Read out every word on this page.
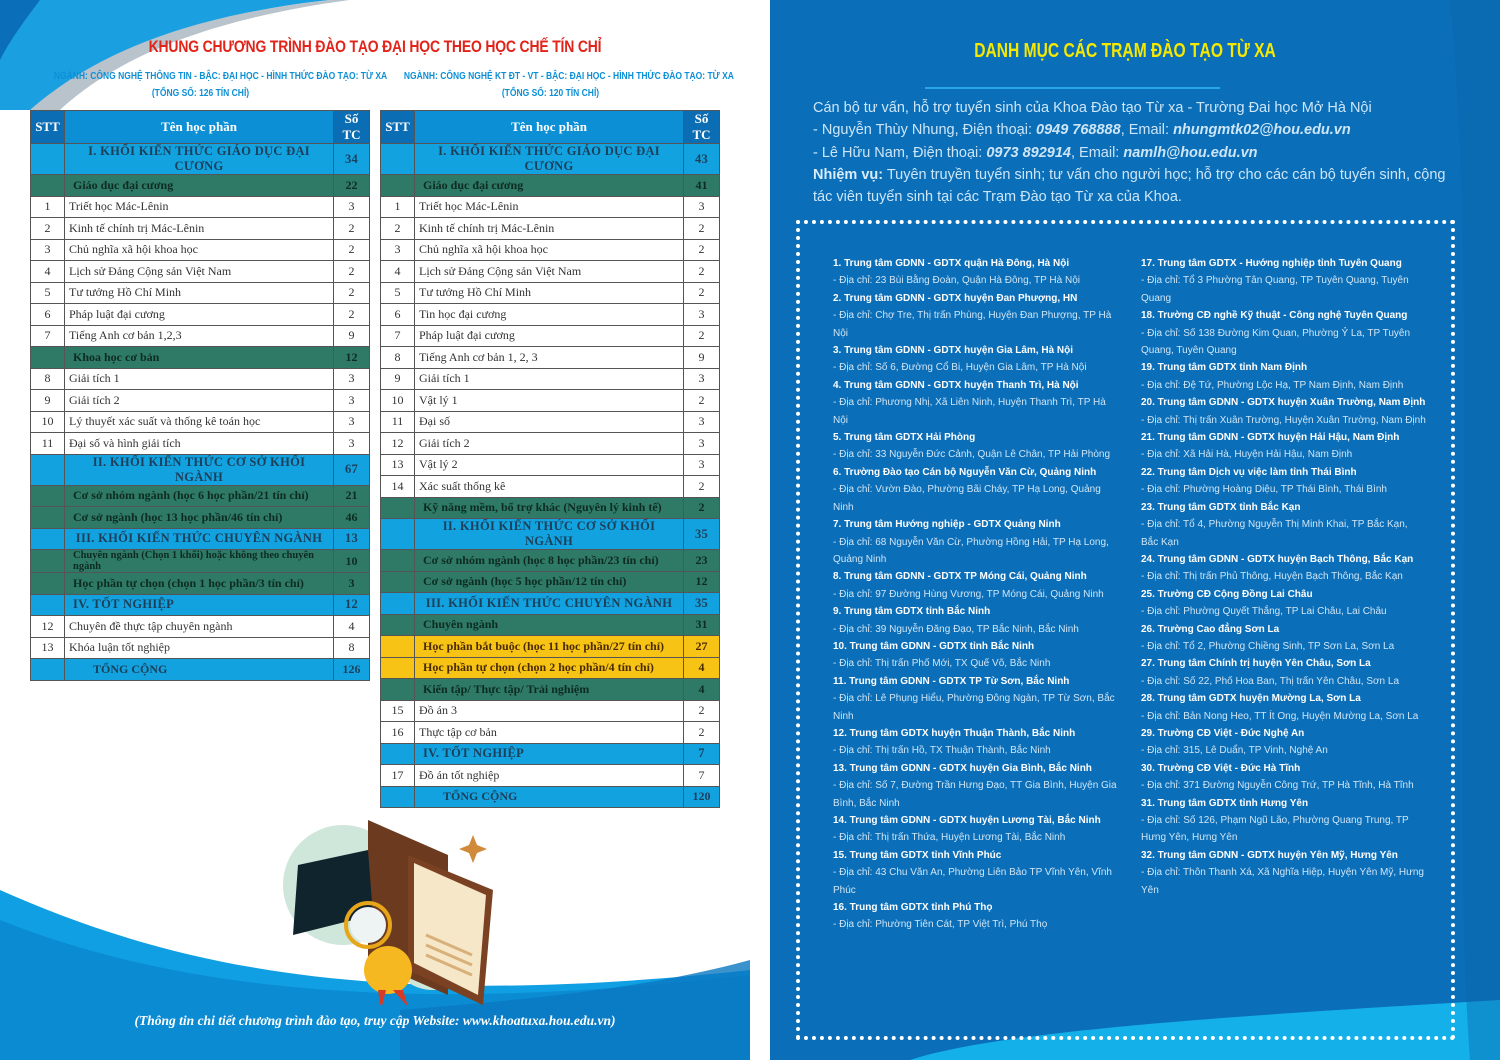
KHUNG CHƯƠNG TRÌNH ĐÀO TẠO ĐẠI HỌC THEO HỌC CHẾ TÍN CHỈ
NGÀNH: CÔNG NGHỆ THÔNG TIN - BẬC: ĐẠI HỌC - HÌNH THỨC ĐÀO TẠO: TỪ XA
(TỔNG SỐ: 126 TÍN CHỈ)
NGÀNH: CÔNG NGHỆ KT ĐT - VT - BẬC: ĐẠI HỌC - HÌNH THỨC ĐÀO TẠO: TỪ XA
(TỔNG SỐ: 120 TÍN CHỈ)
STT	Tên học phần	Số TC
	I. KHỐI KIẾN THỨC GIÁO DỤC ĐẠI CƯƠNG	34
	Giáo dục đại cương	22
1	Triết học Mác-Lênin	3
2	Kinh tế chính trị Mác-Lênin	2
3	Chủ nghĩa xã hội khoa học	2
4	Lịch sử Đảng Cộng sản Việt Nam	2
5	Tư tưởng Hồ Chí Minh	2
6	Pháp luật đại cương	2
7	Tiếng Anh cơ bản 1,2,3	9
	Khoa học cơ bản	12
8	Giải tích 1	3
9	Giải tích 2	3
10	Lý thuyết xác suất và thống kê toán học	3
11	Đại số và hình giải tích	3
	II. KHỐI KIẾN THỨC CƠ SỞ KHỐI NGÀNH	67
	Cơ sở nhóm ngành (học 6 học phần/21 tín chỉ)	21
	Cơ sở ngành (học 13 học phần/46 tín chỉ)	46
	III. KHỐI KIẾN THỨC CHUYÊN NGÀNH	13
	Chuyên ngành (Chọn 1 khối) hoặc không theo chuyên ngành	10
	Học phần tự chọn (chọn 1 học phần/3 tín chỉ)	3
	IV. TỐT NGHIỆP	12
12	Chuyên đề thực tập chuyên ngành	4
13	Khóa luận tốt nghiệp	8
	TỔNG CỘNG	126
STT	Tên học phần	Số TC
	I. KHỐI KIẾN THỨC GIÁO DỤC ĐẠI CƯƠNG	43
	Giáo dục đại cương	41
1	Triết học Mác-Lênin	3
2	Kinh tế chính trị Mác-Lênin	2
3	Chủ nghĩa xã hội khoa học	2
4	Lịch sử Đảng Cộng sản Việt Nam	2
5	Tư tưởng Hồ Chí Minh	2
6	Tin học đại cương	3
7	Pháp luật đại cương	2
8	Tiếng Anh cơ bản 1, 2, 3	9
9	Giải tích 1	3
10	Vật lý 1	2
11	Đại số	3
12	Giải tích 2	3
13	Vật lý 2	3
14	Xác suất thống kê	2
	Kỹ năng mềm, bổ trợ khác (Nguyên lý kinh tế)	2
	II. KHỐI KIẾN THỨC CƠ SỞ KHỐI NGÀNH	35
	Cơ sở nhóm ngành (học 8 học phần/23 tín chỉ)	23
	Cơ sở ngành (học 5 học phần/12 tín chỉ)	12
	III. KHỐI KIẾN THỨC CHUYÊN NGÀNH	35
	Chuyên ngành	31
	Học phần bắt buộc (học 11 học phần/27 tín chỉ)	27
	Học phần tự chọn (chọn 2 học phần/4 tín chỉ)	4
	Kiến tập/ Thực tập/ Trải nghiệm	4
15	Đồ án 3	2
16	Thực tập cơ bản	2
	IV. TỐT NGHIỆP	7
17	Đồ án tốt nghiệp	7
	TỔNG CỘNG	120
(Thông tin chi tiết chương trình đào tạo, truy cập Website: www.khoatuxa.hou.edu.vn)
DANH MỤC CÁC TRẠM ĐÀO TẠO TỪ XA
Cán bộ tư vấn, hỗ trợ tuyển sinh của Khoa Đào tạo Từ xa - Trường Đai học Mở Hà Nội
- Nguyễn Thùy Nhung, Điện thoại: 0949 768888, Email: nhungmtk02@hou.edu.vn
- Lê Hữu Nam, Điện thoại: 0973 892914, Email: namlh@hou.edu.vn
Nhiệm vụ: Tuyên truyền tuyển sinh; tư vấn cho người học; hỗ trợ cho các cán bộ tuyển sinh, cộng tác viên tuyển sinh tại các Trạm Đào tạo Từ xa của Khoa.
1. Trung tâm GDNN - GDTX quận Hà Đông, Hà Nội
- Địa chỉ: 23 Bùi Bằng Đoàn, Quận Hà Đông, TP Hà Nội
2. Trung tâm GDNN - GDTX huyện Đan Phượng, HN
- Địa chỉ: Chợ Tre, Thị trấn Phùng, Huyện Đan Phượng, TP Hà Nội
3. Trung tâm GDNN - GDTX huyện Gia Lâm, Hà Nội
- Địa chỉ: Số 6, Đường Cổ Bi, Huyện Gia Lâm, TP Hà Nội
4. Trung tâm GDNN - GDTX huyện Thanh Trì, Hà Nội
- Địa chỉ: Phương Nhị, Xã Liên Ninh, Huyện Thanh Trì, TP Hà Nội
5. Trung tâm GDTX Hải Phòng
- Địa chỉ: 33 Nguyễn Đức Cảnh, Quận Lê Chân, TP Hải Phòng
6. Trường Đào tạo Cán bộ Nguyễn Văn Cừ, Quảng Ninh
- Địa chỉ: Vườn Đào, Phường Bãi Cháy, TP Hạ Long, Quảng Ninh
7. Trung tâm Hướng nghiệp - GDTX Quảng Ninh
- Địa chỉ: 68 Nguyễn Văn Cừ, Phường Hồng Hải, TP Hạ Long, Quảng Ninh
8. Trung tâm GDNN - GDTX TP Móng Cái, Quảng Ninh
- Địa chỉ: 97 Đường Hùng Vương, TP Móng Cái, Quảng Ninh
9. Trung tâm GDTX tỉnh Bắc Ninh
- Địa chỉ: 39 Nguyễn Đăng Đạo, TP Bắc Ninh, Bắc Ninh
10. Trung tâm GDNN - GDTX tỉnh Bắc Ninh
- Địa chỉ: Thị trấn Phố Mới, TX Quế Võ, Bắc Ninh
11. Trung tâm GDNN - GDTX TP Từ Sơn, Bắc Ninh
- Địa chỉ: Lê Phụng Hiểu, Phường Đông Ngàn, TP Từ Sơn, Bắc Ninh
12. Trung tâm GDTX huyện Thuận Thành, Bắc Ninh
- Địa chỉ: Thị trấn Hồ, TX Thuận Thành, Bắc Ninh
13. Trung tâm GDNN - GDTX huyện Gia Bình, Bắc Ninh
- Địa chỉ: Số 7, Đường Trần Hưng Đạo, TT Gia Bình, Huyện Gia Bình, Bắc Ninh
14. Trung tâm GDNN - GDTX huyện Lương Tài, Bắc Ninh
- Địa chỉ: Thị trấn Thứa, Huyện Lương Tài, Bắc Ninh
15. Trung tâm GDTX tỉnh Vĩnh Phúc
- Địa chỉ: 43 Chu Văn An, Phường Liên Bảo TP Vĩnh Yên, Vĩnh Phúc
16. Trung tâm GDTX tỉnh Phú Thọ
- Địa chỉ: Phường Tiên Cát, TP Việt Trì, Phú Thọ
17. Trung tâm GDTX - Hướng nghiệp tỉnh Tuyên Quang
- Địa chỉ: Tổ 3 Phường Tân Quang, TP Tuyên Quang, Tuyên Quang
18. Trường CĐ nghề Kỹ thuật - Công nghệ Tuyên Quang
- Địa chỉ: Số 138 Đường Kim Quan, Phường Ỷ La, TP Tuyên Quang, Tuyên Quang
19. Trung tâm GDTX tỉnh Nam Định
- Địa chỉ: Đệ Tứ, Phường Lộc Hạ, TP Nam Định, Nam Định
20. Trung tâm GDNN - GDTX huyện Xuân Trường, Nam Định
- Địa chỉ: Thị trấn Xuân Trường, Huyện Xuân Trường, Nam Định
21. Trung tâm GDNN - GDTX huyện Hải Hậu, Nam Định
- Địa chỉ: Xã Hải Hà, Huyện Hải Hậu, Nam Định
22. Trung tâm Dịch vụ việc làm tỉnh Thái Bình
- Địa chỉ: Phường Hoàng Diệu, TP Thái Bình, Thái Bình
23. Trung tâm GDTX tỉnh Bắc Kạn
- Địa chỉ: Tổ 4, Phường Nguyễn Thị Minh Khai, TP Bắc Kạn, Bắc Kạn
24. Trung tâm GDNN - GDTX huyện Bạch Thông, Bắc Kạn
- Địa chỉ: Thị trấn Phủ Thông, Huyện Bạch Thông, Bắc Kạn
25. Trường CĐ Cộng Đồng Lai Châu
- Địa chỉ: Phường Quyết Thắng, TP Lai Châu, Lai Châu
26. Trường Cao đẳng Sơn La
- Địa chỉ: Tổ 2, Phường Chiềng Sinh, TP Sơn La, Sơn La
27. Trung tâm Chính trị huyện Yên Châu, Sơn La
- Địa chỉ: Số 22, Phố Hoa Ban, Thị trấn Yên Châu, Sơn La
28. Trung tâm GDTX huyện Mường La, Sơn La
- Địa chỉ: Bản Nong Heo, TT Ít Ong, Huyện Mường La, Sơn La
29. Trường CĐ Việt - Đức Nghệ An
- Địa chỉ: 315, Lê Duẩn, TP Vinh, Nghệ An
30. Trường CĐ Việt - Đức Hà Tĩnh
- Địa chỉ: 371 Đường Nguyễn Công Trứ, TP Hà Tĩnh, Hà Tĩnh
31. Trung tâm GDTX tỉnh Hưng Yên
- Địa chỉ: Số 126, Phạm Ngũ Lão, Phường Quang Trung, TP Hưng Yên, Hưng Yên
32. Trung tâm GDNN - GDTX huyện Yên Mỹ, Hưng Yên
- Địa chỉ: Thôn Thanh Xá, Xã Nghĩa Hiệp, Huyện Yên Mỹ, Hưng Yên
